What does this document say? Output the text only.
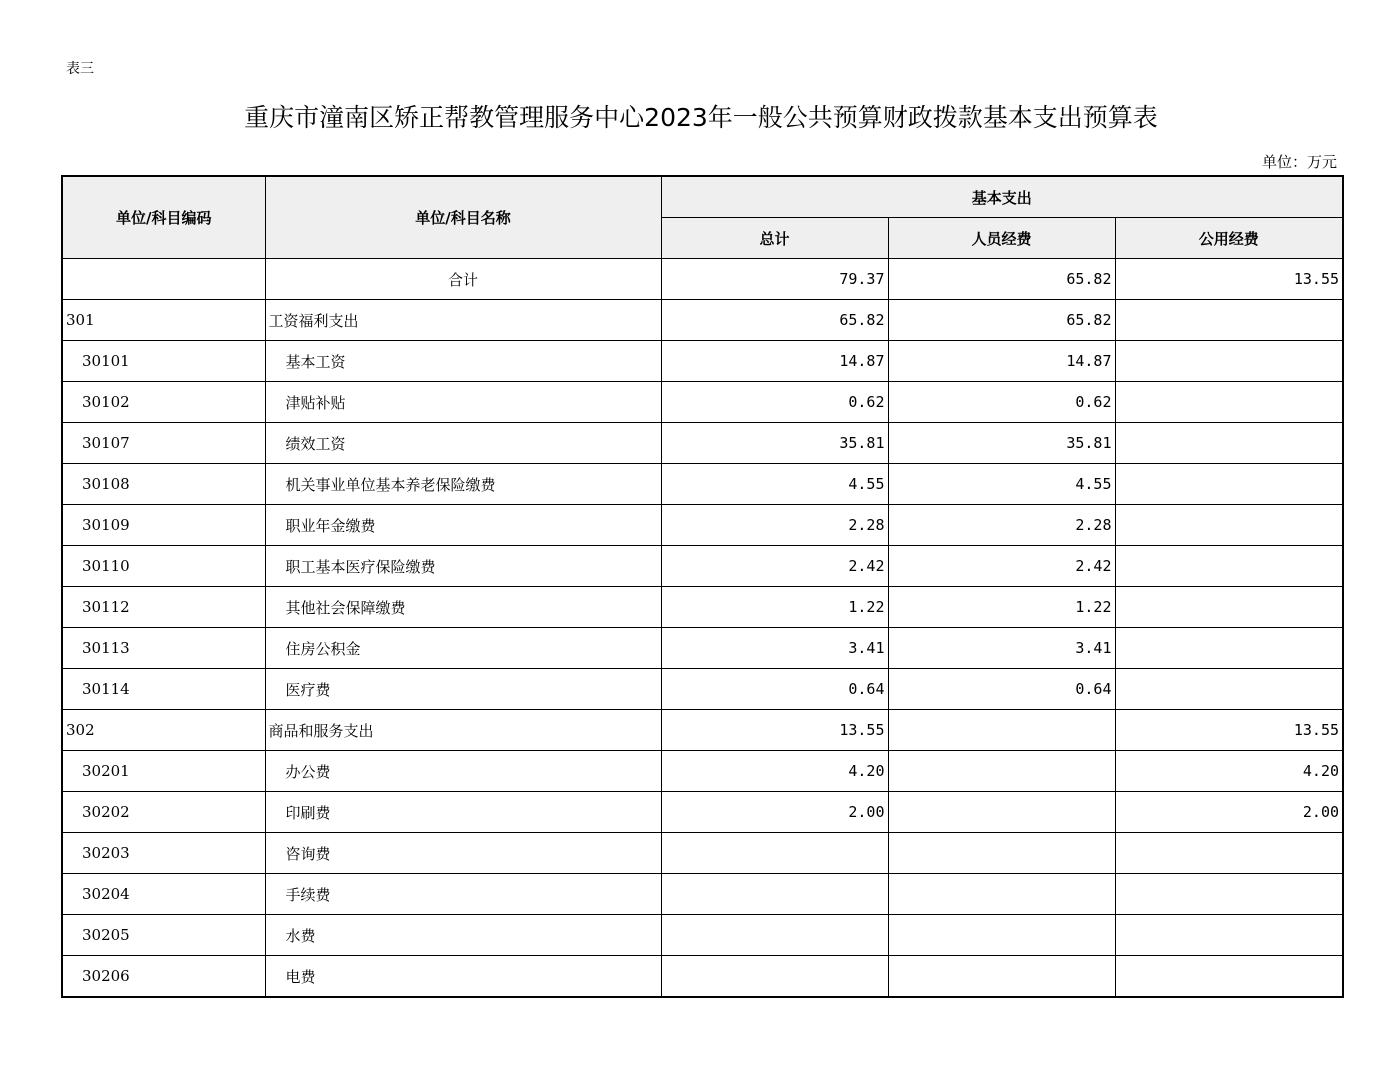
表三
重庆市潼南区矫正帮教管理服务中心2023年一般公共预算财政拨款基本支出预算表
单位：万元
单位/科目编码	单位/科目名称	基本支出		
		总计	人员经费	公用经费
	合计	79.37	65.82	13.55
301	工资福利支出	65.82	65.82	
30101	基本工资	14.87	14.87	
30102	津贴补贴	0.62	0.62	
30107	绩效工资	35.81	35.81	
30108	机关事业单位基本养老保险缴费	4.55	4.55	
30109	职业年金缴费	2.28	2.28	
30110	职工基本医疗保险缴费	2.42	2.42	
30112	其他社会保障缴费	1.22	1.22	
30113	住房公积金	3.41	3.41	
30114	医疗费	0.64	0.64	
302	商品和服务支出	13.55		13.55
30201	办公费	4.20		4.20
30202	印刷费	2.00		2.00
30203	咨询费			
30204	手续费			
30205	水费			
30206	电费			
